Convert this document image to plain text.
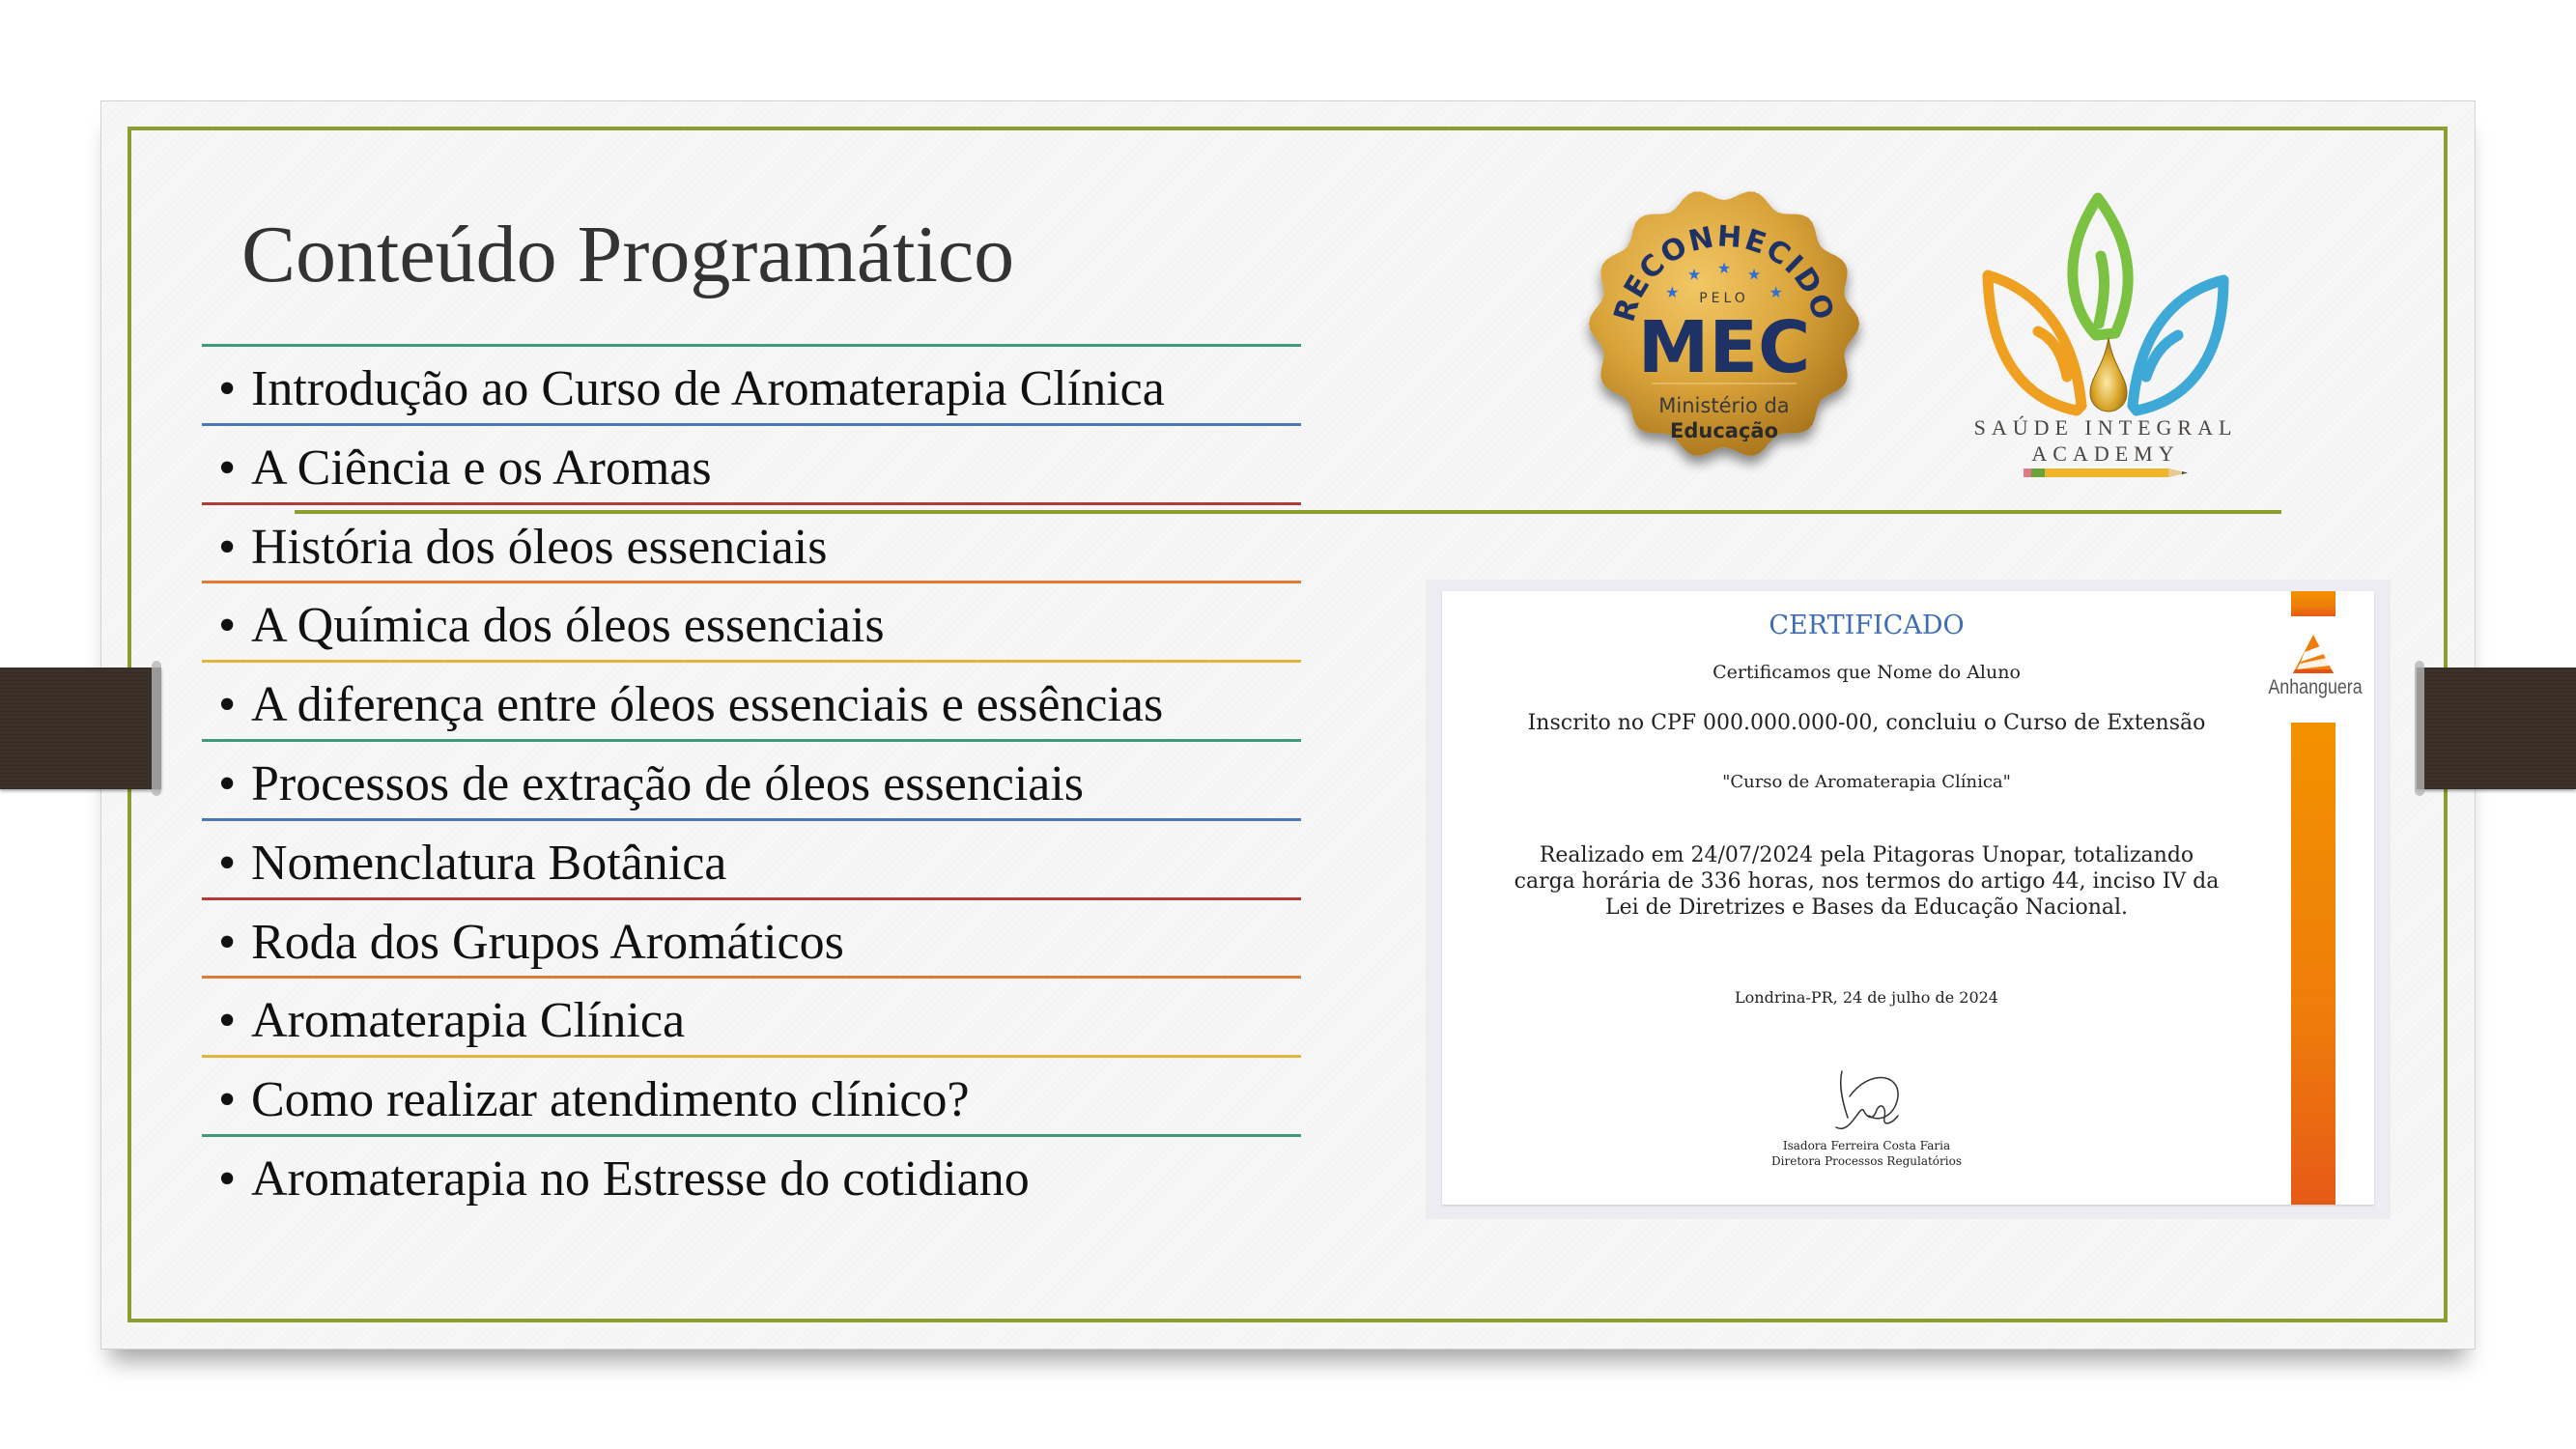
Conteúdo Programático
• Introdução ao Curso de Aromaterapia Clínica
• A Ciência e os Aromas
• História dos óleos essenciais
• A Química dos óleos essenciais
• A diferença entre óleos essenciais e essências
• Processos de extração de óleos essenciais
• Nomenclatura Botânica
• Roda dos Grupos Aromáticos
• Aromaterapia Clínica
• Como realizar atendimento clínico?
• Aromaterapia no Estresse do cotidiano
RECONHECIDO
★
★ ★ ★
★
PELO
MEC
Ministério da
Educação	SAÚDE INTEGRAL
ACADEMY
Anhanguera
CERTIFICADO
Certificamos que Nome do Aluno
Inscrito no CPF 000.000.000-00, concluiu o Curso de Extensão
"Curso de Aromaterapia Clínica"
Realizado em 24/07/2024 pela Pitagoras Unopar, totalizando
carga horária de 336 horas, nos termos do artigo 44, inciso IV da
Lei de Diretrizes e Bases da Educação Nacional.
Londrina-PR, 24 de julho de 2024
Isadora Ferreira Costa Faria
Diretora Processos Regulatórios
